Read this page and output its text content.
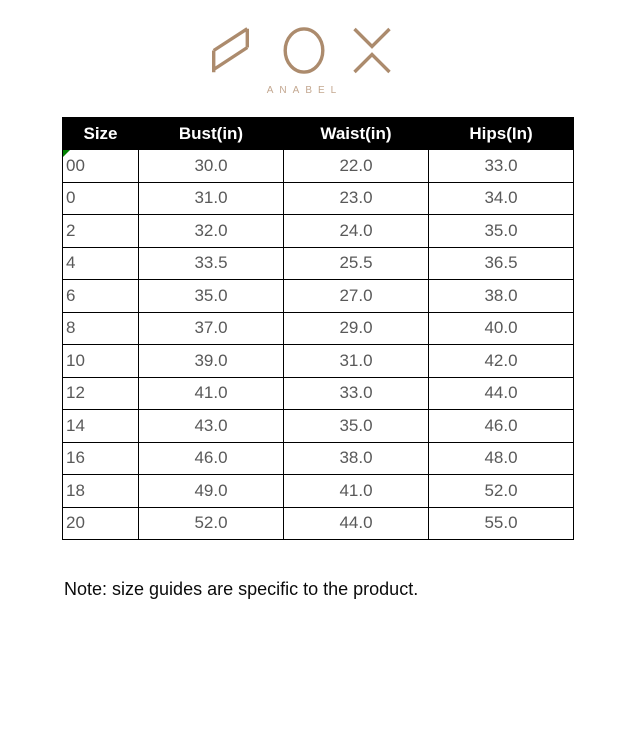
ANABEL
Size	Bust(in)	Waist(in)	Hips(In)

00	30.0	22.0	33.0
0	31.0	23.0	34.0
2	32.0	24.0	35.0
4	33.5	25.5	36.5
6	35.0	27.0	38.0
8	37.0	29.0	40.0
10	39.0	31.0	42.0
12	41.0	33.0	44.0
14	43.0	35.0	46.0
16	46.0	38.0	48.0
18	49.0	41.0	52.0
20	52.0	44.0	55.0
Note: size guides are specific to the product.
